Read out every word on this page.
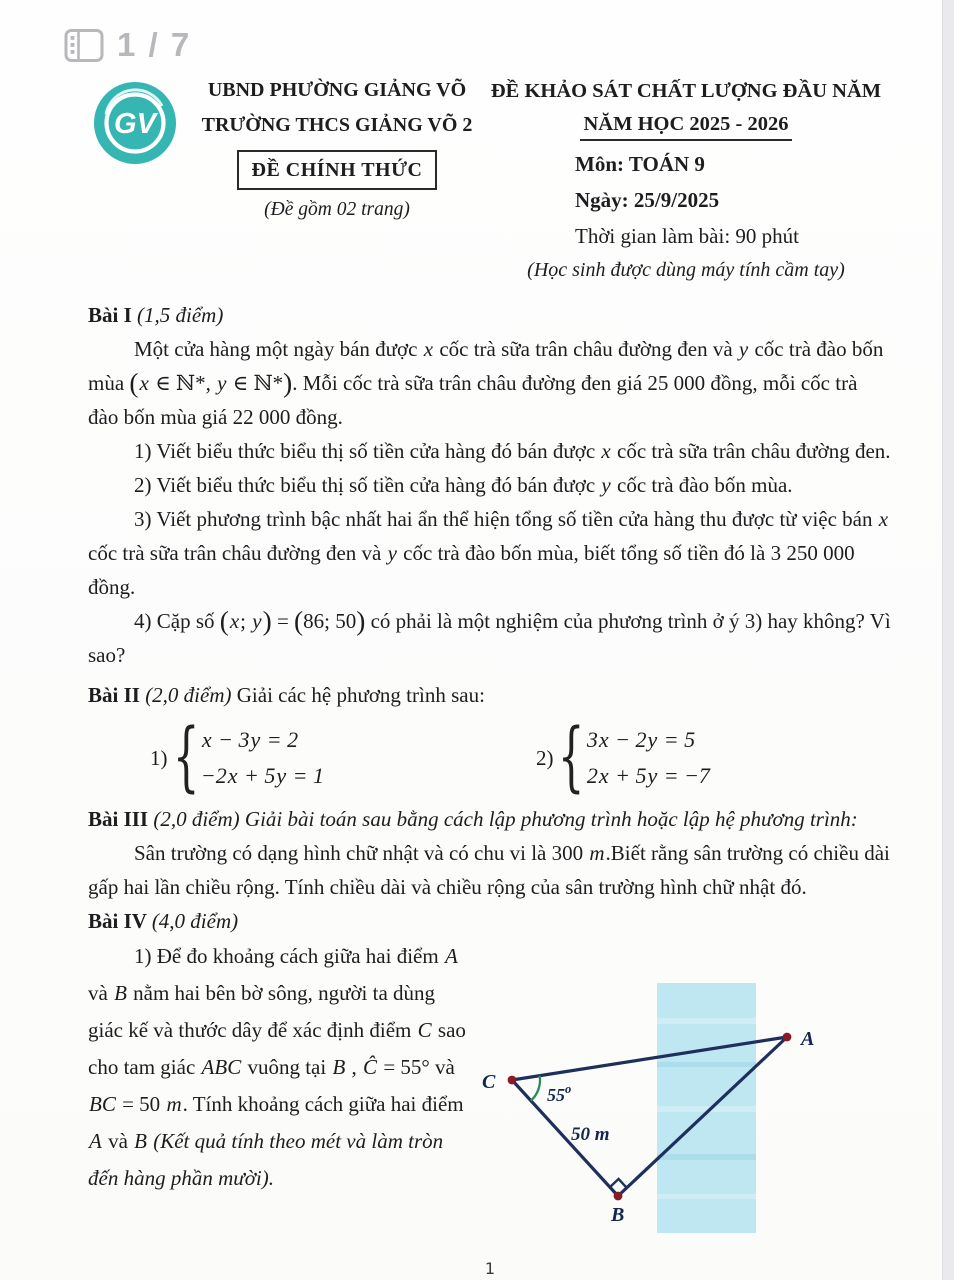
1 / 7
GV
UBND PHƯỜNG GIẢNG VÕ
TRƯỜNG THCS GIẢNG VÕ 2
ĐỀ CHÍNH THỨC
(Đề gồm 02 trang)
ĐỀ KHẢO SÁT CHẤT LƯỢNG ĐẦU NĂM
NĂM HỌC 2025 - 2026
Môn: TOÁN 9
Ngày: 25/9/2025
Thời gian làm bài: 90 phút
(Học sinh được dùng máy tính cầm tay)

Bài I (1,5 điểm)

Một cửa hàng một ngày bán được x cốc trà sữa trân châu đường đen và y cốc trà đào bốn mùa (x ∈ ℕ*, y ∈ ℕ*). Mỗi cốc trà sữa trân châu đường đen giá 25 000 đồng, mỗi cốc trà đào bốn mùa giá 22 000 đồng.

1) Viết biểu thức biểu thị số tiền cửa hàng đó bán được x cốc trà sữa trân châu đường đen.

2) Viết biểu thức biểu thị số tiền cửa hàng đó bán được y cốc trà đào bốn mùa.

3) Viết phương trình bậc nhất hai ẩn thể hiện tổng số tiền cửa hàng thu được từ việc bán x cốc trà sữa trân châu đường đen và y cốc trà đào bốn mùa, biết tổng số tiền đó là 3 250 000 đồng.

4) Cặp số (x; y) = (86; 50) có phải là một nghiệm của phương trình ở ý 3) hay không? Vì sao?

Bài II (2,0 điểm) Giải các hệ phương trình sau:

1) { x − 3y = 2
−2x + 5y = 1
2) { 3x − 2y = 5
2x + 5y = −7

Bài III (2,0 điểm) Giải bài toán sau bằng cách lập phương trình hoặc lập hệ phương trình:

Sân trường có dạng hình chữ nhật và có chu vi là 300 m.Biết rằng sân trường có chiều dài gấp hai lần chiều rộng. Tính chiều dài và chiều rộng của sân trường hình chữ nhật đó.

Bài IV (4,0 điểm)

1) Để đo khoảng cách giữa hai điểm A và B nằm hai bên bờ sông, người ta dùng giác kế và thước dây để xác định điểm C sao cho tam giác ABC vuông tại B , Ĉ = 55° và BC = 50 m. Tính khoảng cách giữa hai điểm A và B (Kết quả tính theo mét và làm tròn đến hàng phần mười).

A
B
C
55$^o$
50 m
1
